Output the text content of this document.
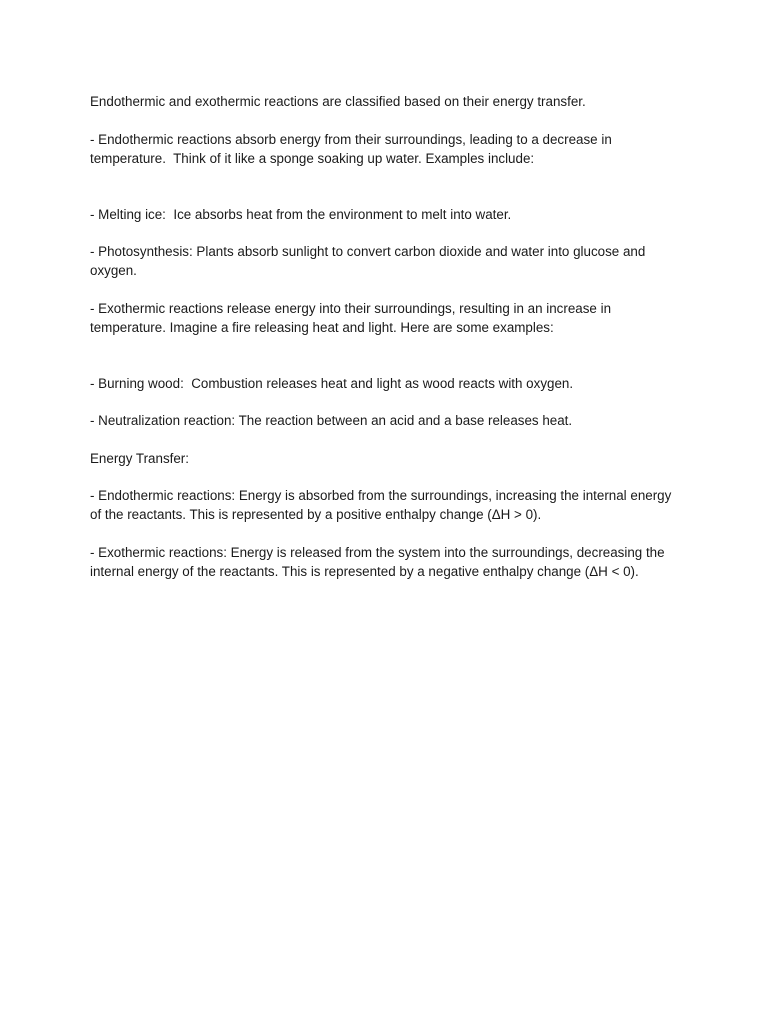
Endothermic and exothermic reactions are classified based on their energy transfer.

- Endothermic reactions absorb energy from their surroundings, leading to a decrease in temperature.  Think of it like a sponge soaking up water. Examples include:

- Melting ice:  Ice absorbs heat from the environment to melt into water.

- Photosynthesis: Plants absorb sunlight to convert carbon dioxide and water into glucose and oxygen.

- Exothermic reactions release energy into their surroundings, resulting in an increase in temperature. Imagine a fire releasing heat and light. Here are some examples:

- Burning wood:  Combustion releases heat and light as wood reacts with oxygen.

- Neutralization reaction: The reaction between an acid and a base releases heat.

Energy Transfer:

- Endothermic reactions: Energy is absorbed from the surroundings, increasing the internal energy of the reactants. This is represented by a positive enthalpy change (ΔH > 0).

- Exothermic reactions: Energy is released from the system into the surroundings, decreasing the internal energy of the reactants. This is represented by a negative enthalpy change (ΔH < 0).
